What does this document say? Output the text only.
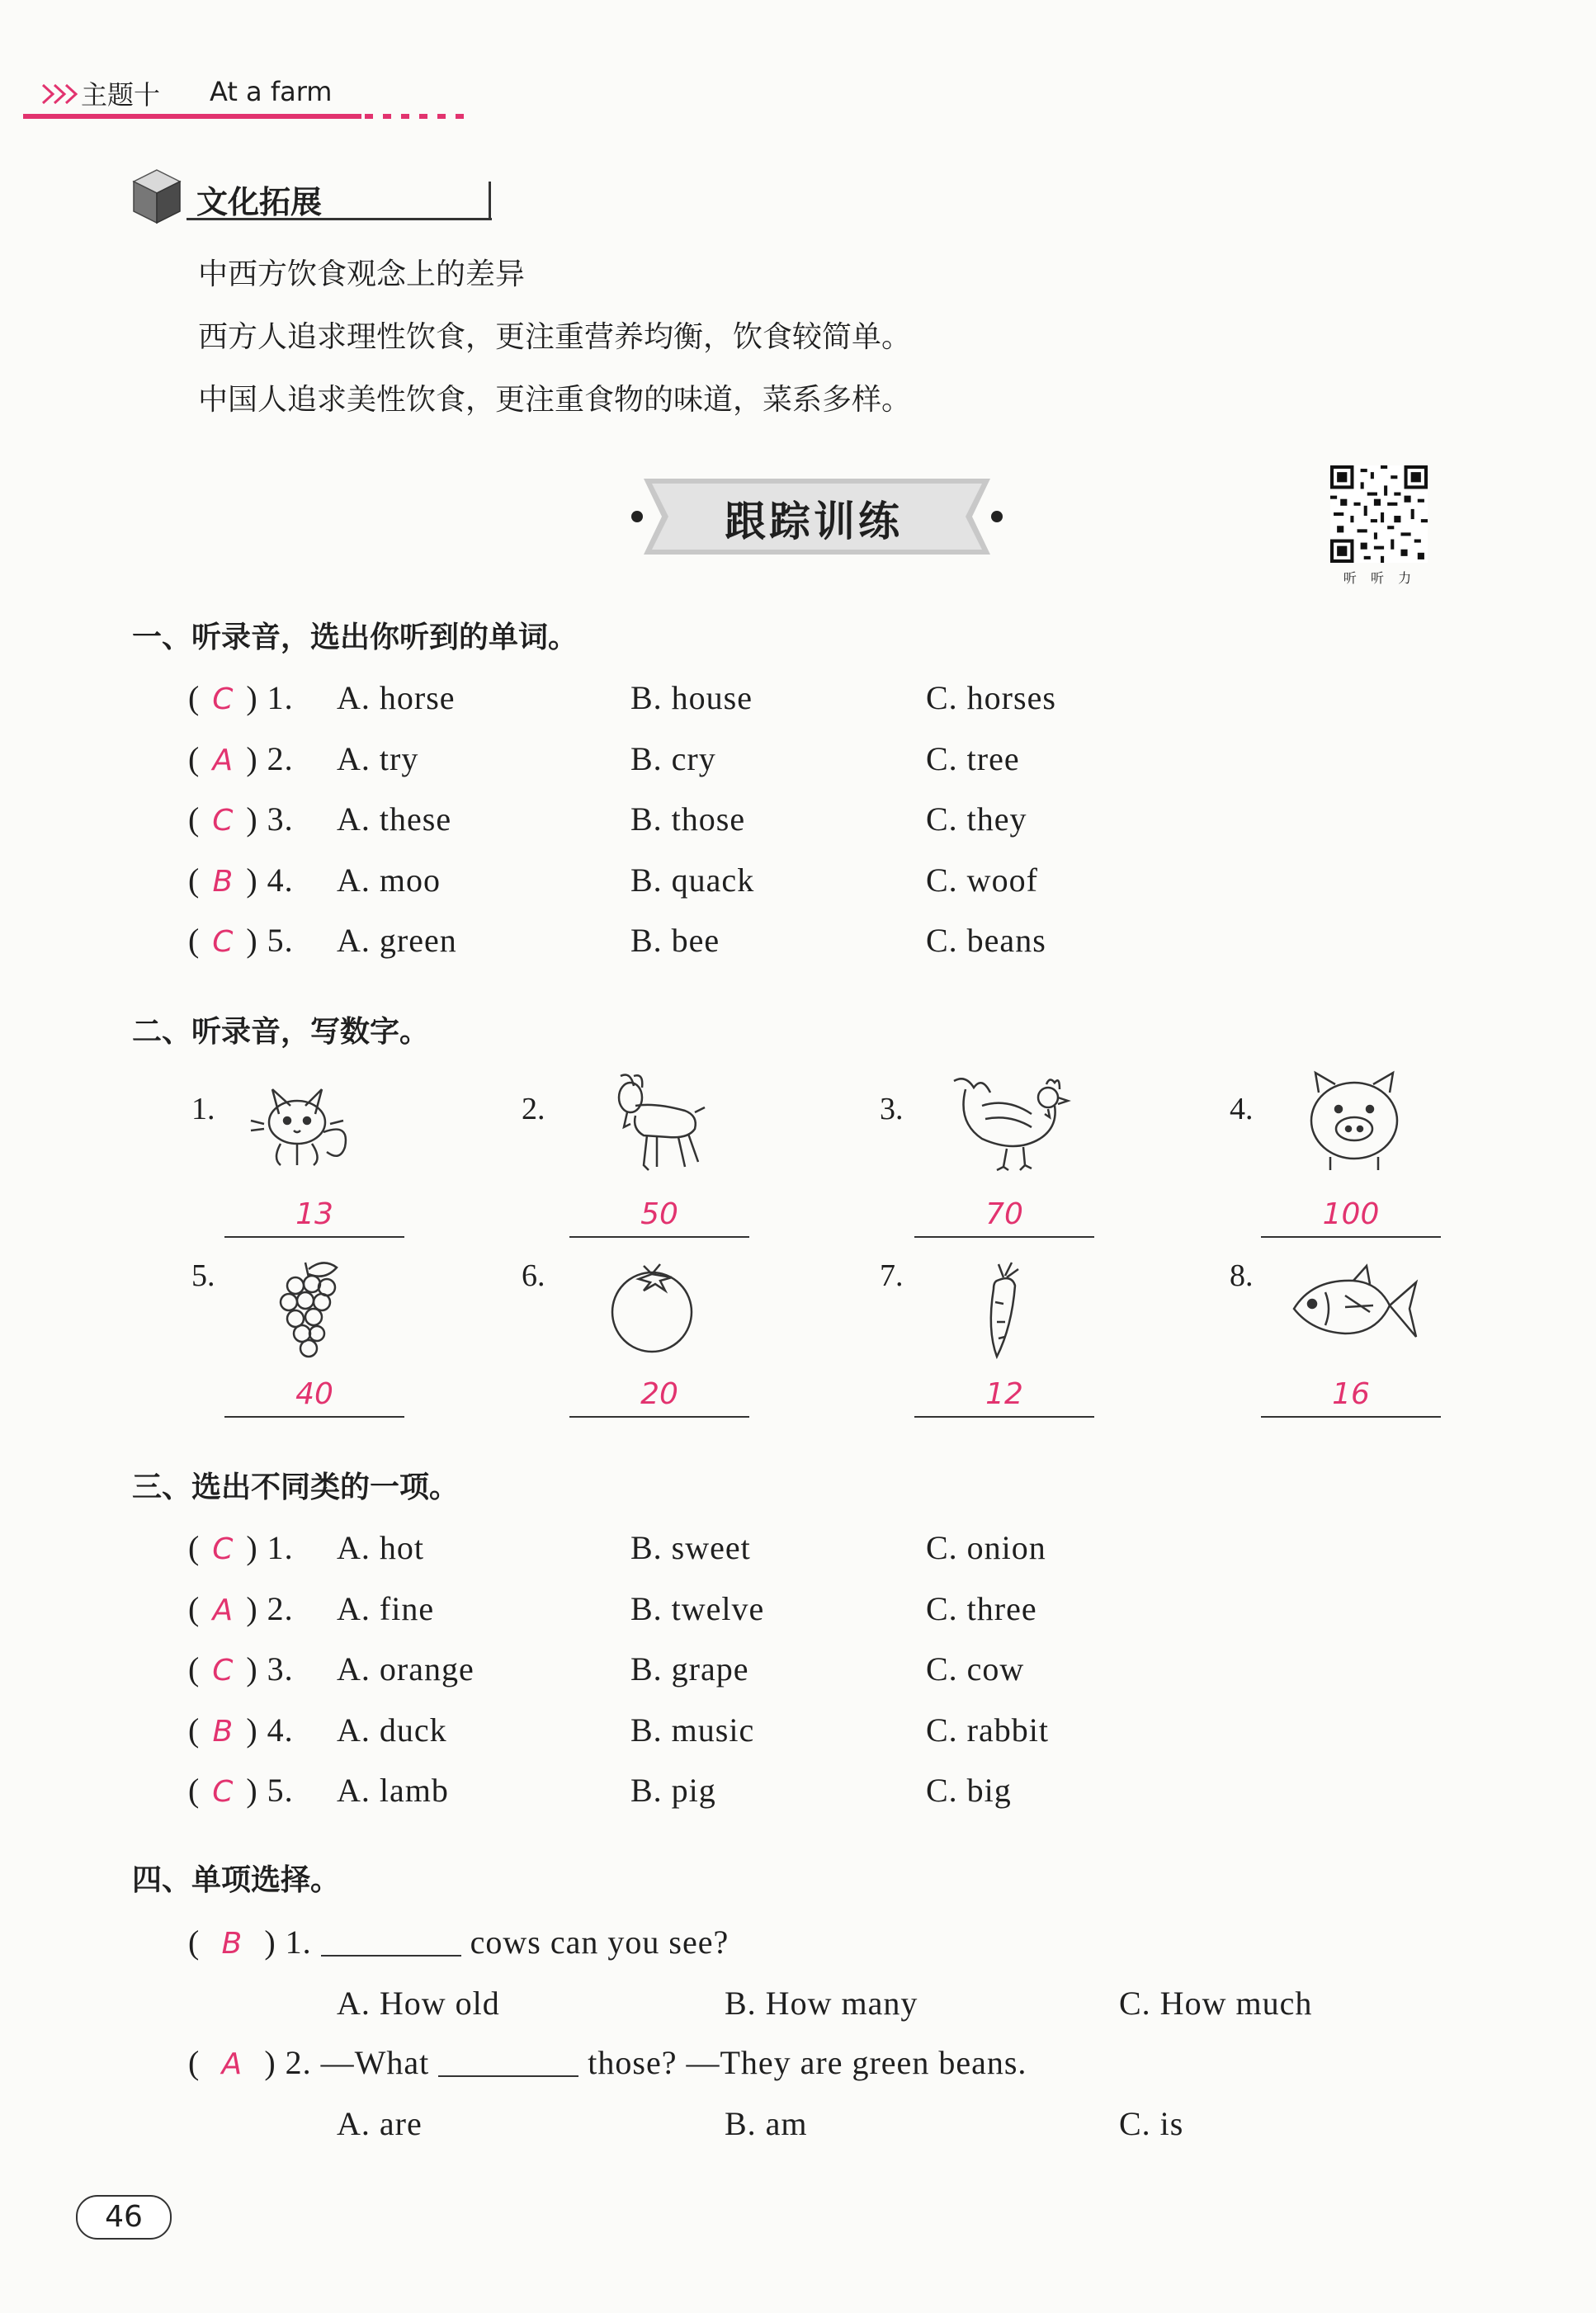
主题十 At a farm
文化拓展
中西方饮食观念上的差异
西方人追求理性饮食，更注重营养均衡，饮食较简单。
中国人追求美性饮食，更注重食物的味道，菜系多样。
跟踪训练
听 听 力
一、听录音，选出你听到的单词。
( C ) 1. A. horse	B. house	C. horses
( A ) 2. A. try	B. cry	C. tree
( C ) 3. A. these	B. those	C. they
( B ) 4. A. moo	B. quack	C. woof
( C ) 5. A. green	B. bee	C. beans
二、听录音，写数字。
1.	2.	3.	4.
13	50	70	100
5.	6.	7.	8.
40	20	12	16
三、选出不同类的一项。
( C ) 1. A. hot	B. sweet	C. onion
( A ) 2. A. fine	B. twelve	C. three
( C ) 3. A. orange	B. grape	C. cow
( B ) 4. A. duck	B. music	C. rabbit
( C ) 5. A. lamb	B. pig	C. big
四、单项选择。
( B ) 1.	cows can you see?
A. How old	B. How many	C. How much
( A ) 2. —What	those? —They are green beans.
A. are	B. am	C. is
46
